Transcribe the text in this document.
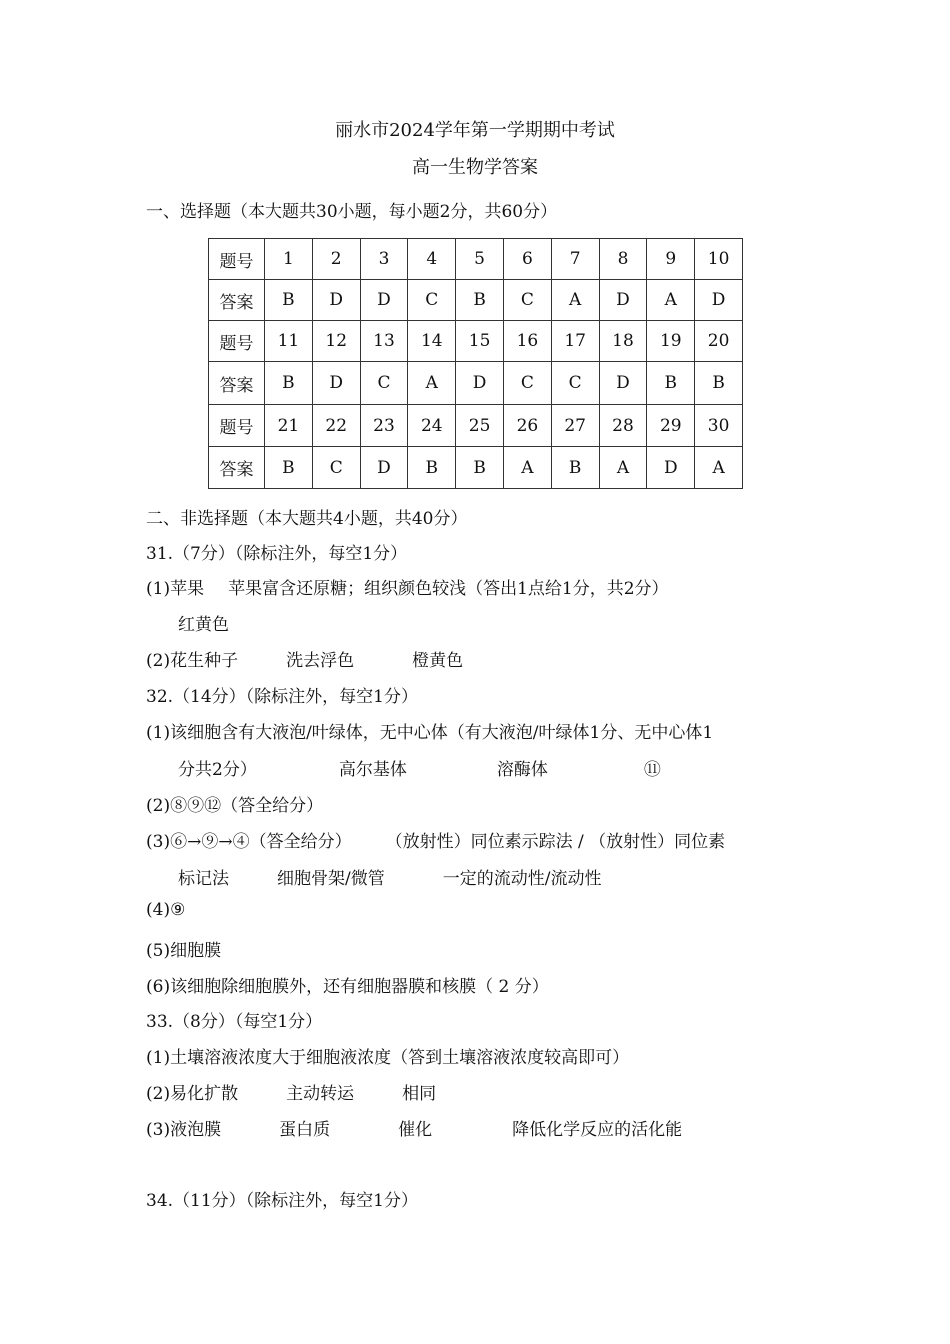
丽水市2024学年第一学期期中考试
高一生物学答案
一、选择题（本大题共30小题，每小题2分，共60分）
题号	1	2	3	4	5	6	7	8	9	10
答案	B	D	D	C	B	C	A	D	A	D
题号	11	12	13	14	15	16	17	18	19	20
答案	B	D	C	A	D	C	C	D	B	B
题号	21	22	23	24	25	26	27	28	29	30
答案	B	C	D	B	B	A	B	A	D	A
二、非选择题（本大题共4小题，共40分）
31.（7分）（除标注外，每空1分）
(1)苹果 苹果富含还原糖；组织颜色较浅（答出1点给1分，共2分）
红黄色
(2)花生种子	洗去浮色	橙黄色
32.（14分）（除标注外，每空1分）
(1)该细胞含有大液泡/叶绿体，无中心体（有大液泡/叶绿体1分、无中心体1
分共2分）	高尔基体	溶酶体	⑪
(2)⑧⑨⑫（答全给分）
(3)⑥→⑨→④（答全给分） （放射性）同位素示踪法 / （放射性）同位素
标记法	细胞骨架/微管	一定的流动性/流动性
(4)⑨
(5)细胞膜
(6)该细胞除细胞膜外，还有细胞器膜和核膜（ 2 分）
33.（8分）（每空1分）
(1)土壤溶液浓度大于细胞液浓度（答到土壤溶液浓度较高即可）
(2)易化扩散	主动转运	相同
(3)液泡膜	蛋白质	催化	降低化学反应的活化能
34.（11分）（除标注外，每空1分）
